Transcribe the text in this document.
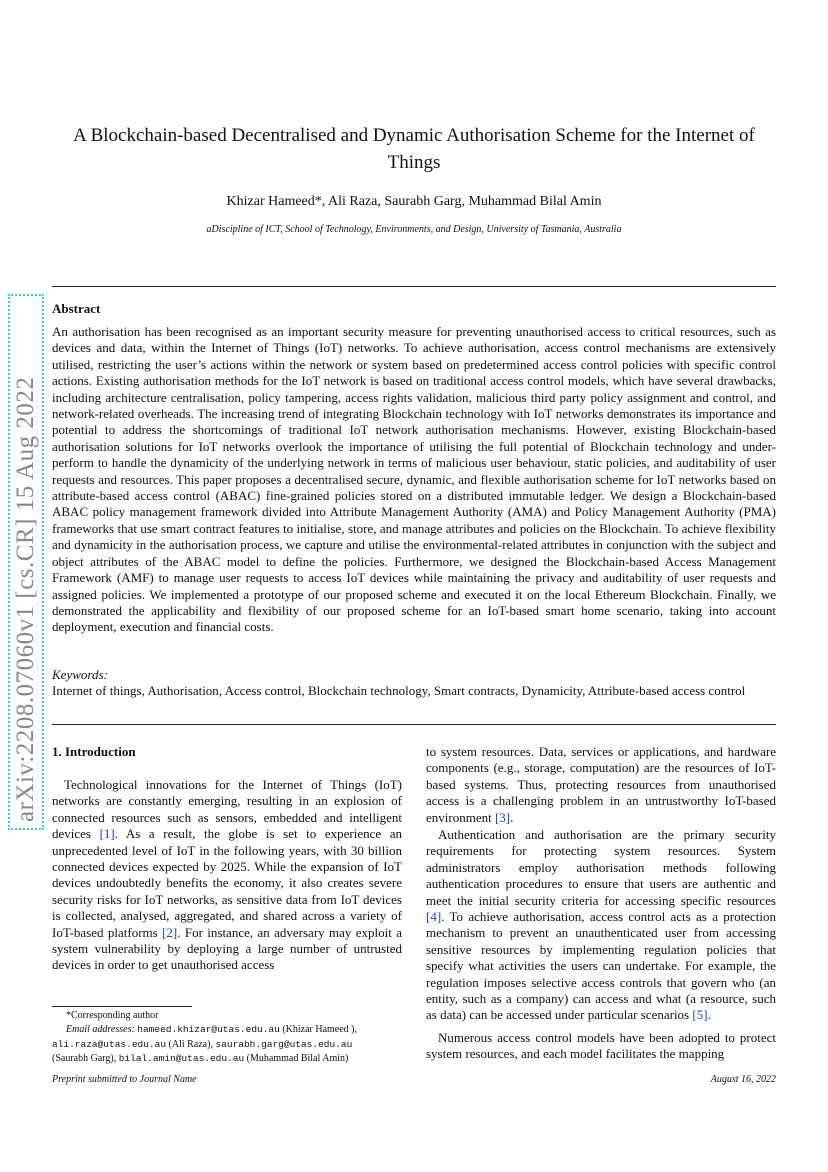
arXiv:2208.07060v1 [cs.CR] 15 Aug 2022
A Blockchain-based Decentralised and Dynamic Authorisation Scheme for the Internet of Things
Khizar Hameed*, Ali Raza, Saurabh Garg, Muhammad Bilal Amin
aDiscipline of ICT, School of Technology, Environments, and Design, University of Tasmania, Australia
Abstract
An authorisation has been recognised as an important security measure for preventing unauthorised access to critical resources, such as devices and data, within the Internet of Things (IoT) networks. To achieve authorisation, access control mechanisms are extensively utilised, restricting the user’s actions within the network or system based on predetermined access control policies with specific control actions. Existing authorisation methods for the IoT network is based on traditional access control models, which have several drawbacks, including architecture centralisation, policy tampering, access rights validation, malicious third party policy assignment and control, and network-related overheads. The increasing trend of integrating Blockchain technology with IoT networks demonstrates its importance and potential to address the shortcomings of traditional IoT network authorisation mechanisms. However, existing Blockchain-based authorisation solutions for IoT networks overlook the importance of utilising the full potential of Blockchain technology and under-perform to handle the dynamicity of the underlying network in terms of malicious user behaviour, static policies, and auditability of user requests and resources. This paper proposes a decentralised secure, dynamic, and flexible authorisation scheme for IoT networks based on attribute-based access control (ABAC) fine-grained policies stored on a distributed immutable ledger. We design a Blockchain-based ABAC policy management framework divided into Attribute Management Authority (AMA) and Policy Management Authority (PMA) frameworks that use smart contract features to initialise, store, and manage attributes and policies on the Blockchain. To achieve flexibility and dynamicity in the authorisation process, we capture and utilise the environmental-related attributes in conjunction with the subject and object attributes of the ABAC model to define the policies. Furthermore, we designed the Blockchain-based Access Management Framework (AMF) to manage user requests to access IoT devices while maintaining the privacy and auditability of user requests and assigned policies. We implemented a prototype of our proposed scheme and executed it on the local Ethereum Blockchain. Finally, we demonstrated the applicability and flexibility of our proposed scheme for an IoT-based smart home scenario, taking into account deployment, execution and financial costs.
Keywords:
Internet of things, Authorisation, Access control, Blockchain technology, Smart contracts, Dynamicity, Attribute-based access control
1. Introduction
Technological innovations for the Internet of Things (IoT) networks are constantly emerging, resulting in an explosion of connected resources such as sensors, embedded and intelligent devices [1]. As a result, the globe is set to experience an unprecedented level of IoT in the following years, with 30 billion connected devices expected by 2025. While the expansion of IoT devices undoubtedly benefits the economy, it also creates severe security risks for IoT networks, as sensitive data from IoT devices is collected, analysed, aggregated, and shared across a variety of IoT-based platforms [2]. For instance, an adversary may exploit a system vulnerability by deploying a large number of untrusted devices in order to get unauthorised access
to system resources. Data, services or applications, and hardware components (e.g., storage, computation) are the resources of IoT-based systems. Thus, protecting resources from unauthorised access is a challenging problem in an untrustworthy IoT-based environment [3].
Authentication and authorisation are the primary security requirements for protecting system resources. System administrators employ authorisation methods following authentication procedures to ensure that users are authentic and meet the initial security criteria for accessing specific resources [4]. To achieve authorisation, access control acts as a protection mechanism to prevent an unauthenticated user from accessing sensitive resources by implementing regulation policies that specify what activities the users can undertake. For example, the regulation imposes selective access controls that govern who (an entity, such as a company) can access and what (a resource, such as data) can be accessed under particular scenarios [5].
Numerous access control models have been adopted to protect system resources, and each model facilitates the mapping
*Corresponding author
Email addresses: hameed.khizar@utas.edu.au (Khizar Hameed ),
ali.raza@utas.edu.au (Ali Raza), saurabh.garg@utas.edu.au
(Saurabh Garg), bilal.amin@utas.edu.au (Muhammad Bilal Amin)
Preprint submitted to Journal Name	August 16, 2022
